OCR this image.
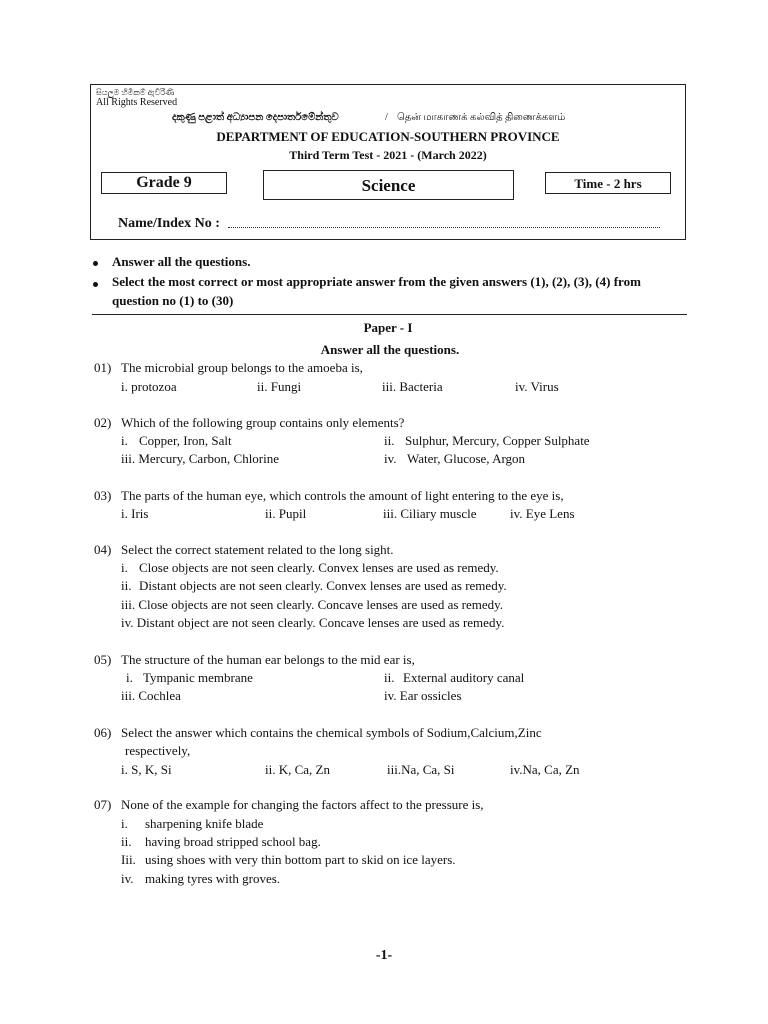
සියලුම හිමිකම් ඇවිරිණි
All Rights Reserved
දකුණු පළාත් අධ්‍යාපන දෙපාර්තමේන්තුව	/ தென் மாகாணக் கல்வித் திணைக்களம்
DEPARTMENT OF EDUCATION-SOUTHERN PROVINCE
Third Term Test - 2021 - (March 2022)
Grade 9	Science	Time - 2 hrs
Name/Index No :
Answer all the questions.
Select the most correct or most appropriate answer from the given answers (1), (2), (3), (4) from
question no (1) to (30)
Paper - I
Answer all the questions.
01) The microbial group belongs to the amoeba is,
i. protozoa	ii. Fungi	iii. Bacteria	iv. Virus
02) Which of the following group contains only elements?
i. Copper, Iron, Salt	ii. Sulphur, Mercury, Copper Sulphate
iii. Mercury, Carbon, Chlorine	iv. Water, Glucose, Argon
03) The parts of the human eye, which controls the amount of light entering to the eye is,
i. Iris	ii. Pupil	iii. Ciliary muscle	iv. Eye Lens
04) Select the correct statement related to the long sight.
i. Close objects are not seen clearly. Convex lenses are used as remedy.
ii. Distant objects are not seen clearly. Convex lenses are used as remedy.
iii. Close objects are not seen clearly. Concave lenses are used as remedy.
iv. Distant object are not seen clearly. Concave lenses are used as remedy.
05) The structure of the human ear belongs to the mid ear is,
i. Tympanic membrane	ii. External auditory canal
iii. Cochlea	iv. Ear ossicles
06) Select the answer which contains the chemical symbols of Sodium,Calcium,Zinc
respectively,
i. S, K, Si	ii. K, Ca, Zn	iii.Na, Ca, Si	iv.Na, Ca, Zn
07) None of the example for changing the factors affect to the pressure is,
i. sharpening knife blade
ii. having broad stripped school bag.
Iii. using shoes with very thin bottom part to skid on ice layers.
iv. making tyres with groves.
-1-
